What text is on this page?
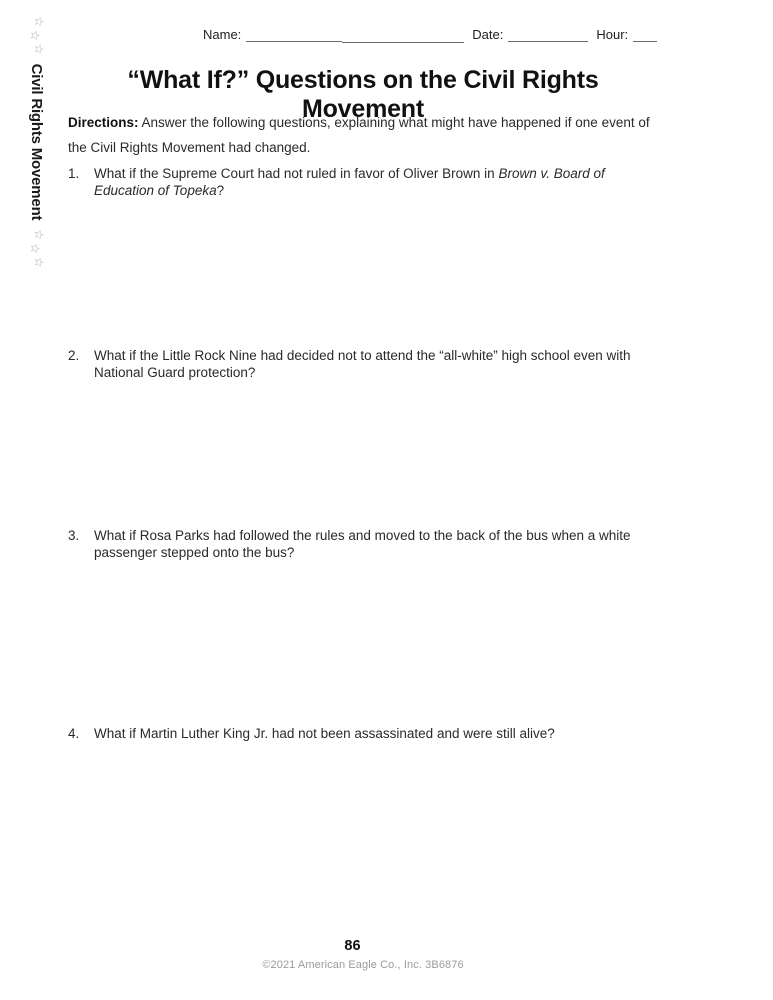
☆
☆
☆
Civil Rights Movement
☆
☆
☆
Name:	Date:	Hour:
“What If?” Questions on the Civil Rights Movement

Directions: Answer the following questions, explaining what might have happened if one event of the Civil Rights Movement had changed.

1.	What if the Supreme Court had not ruled in favor of Oliver Brown in Brown v. Board of Education of Topeka?
2.	What if the Little Rock Nine had decided not to attend the “all-white” high school even with National Guard protection?
3.	What if Rosa Parks had followed the rules and moved to the back of the bus when a white passenger stepped onto the bus?
4.	What if Martin Luther King Jr. had not been assassinated and were still alive?
86
©2021 American Eagle Co., Inc. 3B6876
